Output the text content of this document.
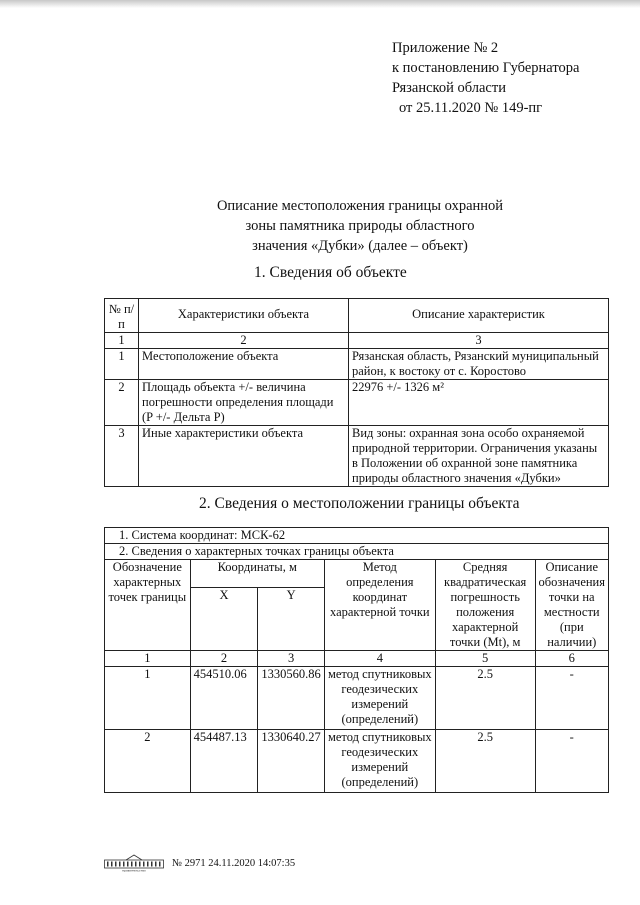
Приложение № 2
к постановлению Губернатора
Рязанской области
от 25.11.2020 № 149-пг
Описание местоположения границы охранной
зоны памятника природы областного
значения «Дубки» (далее – объект)
1. Сведения об объекте
№ п/п	Характеристики объекта	Описание характеристик
1	2	3
1	Местоположение объекта	Рязанская область, Рязанский муниципальный район, к востоку от с. Коростово
2	Площадь объекта +/- величина погрешности определения площади (P +/- Дельта P)	22976 +/- 1326 м²
3	Иные характеристики объекта	Вид зоны: охранная зона особо охраняемой природной территории. Ограничения указаны в Положении об охранной зоне памятника природы областного значения «Дубки»
2. Сведения о местоположении границы объекта
1. Система координат: МСК-62					
2. Сведения о характерных точках границы объекта					
Обозначение характерных точек границы	Координаты, м		Метод определения координат характерной точки	Средняя квадратическая погрешность положения характерной точки (Mt), м	Описание обозначения точки на местности (при наличии)
	X	Y			
1	2	3	4	5	6
1	454510.06	1330560.86	метод спутниковых геодезических измерений (определений)	2.5	-
2	454487.13	1330640.27	метод спутниковых геодезических измерений (определений)	2.5	-
правительство
№ 2971 24.11.2020 14:07:35
